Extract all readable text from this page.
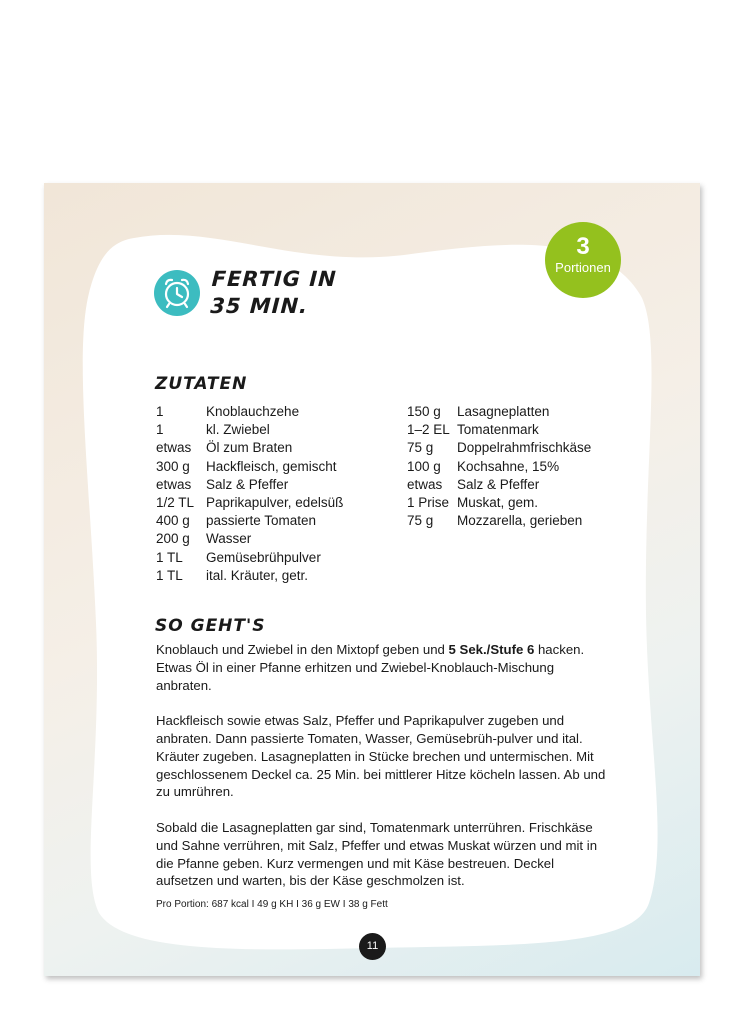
3
Portionen
FERTIG IN
35 MIN.
ZUTATEN
1	Knoblauchzehe
1	kl. Zwiebel
etwas	Öl zum Braten
300 g	Hackfleisch, gemischt
etwas	Salz & Pfeffer
1/2 TL Paprikapulver, edelsüß
400 g	passierte Tomaten
200 g	Wasser
1 TL	Gemüsebrühpulver
1 TL	ital. Kräuter, getr.
150 g	Lasagneplatten
1–2 EL Tomatenmark
75 g	Doppelrahmfrischkäse
100 g	Kochsahne, 15%
etwas	Salz & Pfeffer
1 Prise Muskat, gem.
75 g	Mozzarella, gerieben
SO GEHT'S

Knoblauch und Zwiebel in den Mixtopf geben und 5 Sek./Stufe 6 hacken. Etwas Öl in einer Pfanne erhitzen und Zwiebel-Knoblauch-Mischung anbraten.

Hackfleisch sowie etwas Salz, Pfeffer und Paprikapulver zugeben und anbraten. Dann passierte Tomaten, Wasser, Gemüsebrüh-pulver und ital. Kräuter zugeben. Lasagneplatten in Stücke brechen und untermischen. Mit geschlossenem Deckel ca. 25 Min. bei mittlerer Hitze köcheln lassen. Ab und zu umrühren.

Sobald die Lasagneplatten gar sind, Tomatenmark unterrühren. Frischkäse und Sahne verrühren, mit Salz, Pfeffer und etwas Muskat würzen und mit in die Pfanne geben. Kurz vermengen und mit Käse bestreuen. Deckel aufsetzen und warten, bis der Käse geschmolzen ist.

Pro Portion: 687 kcal I 49 g KH I 36 g EW I 38 g Fett
11
